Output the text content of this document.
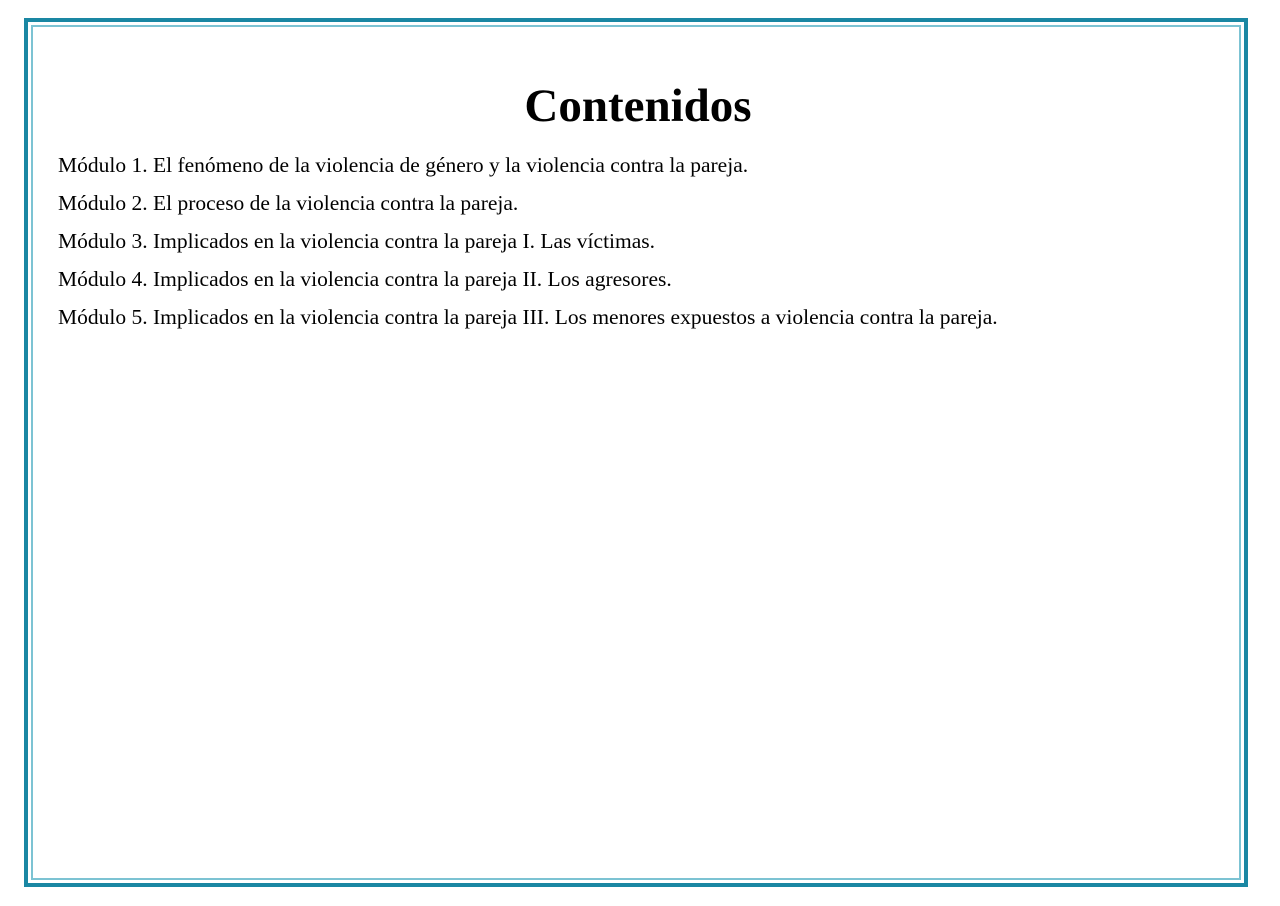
Contenidos
Módulo 1. El fenómeno de la violencia de género y la violencia contra la pareja.
Módulo 2. El proceso de la violencia contra la pareja.
Módulo 3. Implicados en la violencia contra la pareja I. Las víctimas.
Módulo 4. Implicados en la violencia contra la pareja II. Los agresores.
Módulo 5. Implicados en la violencia contra la pareja III. Los menores expuestos a violencia contra la pareja.
